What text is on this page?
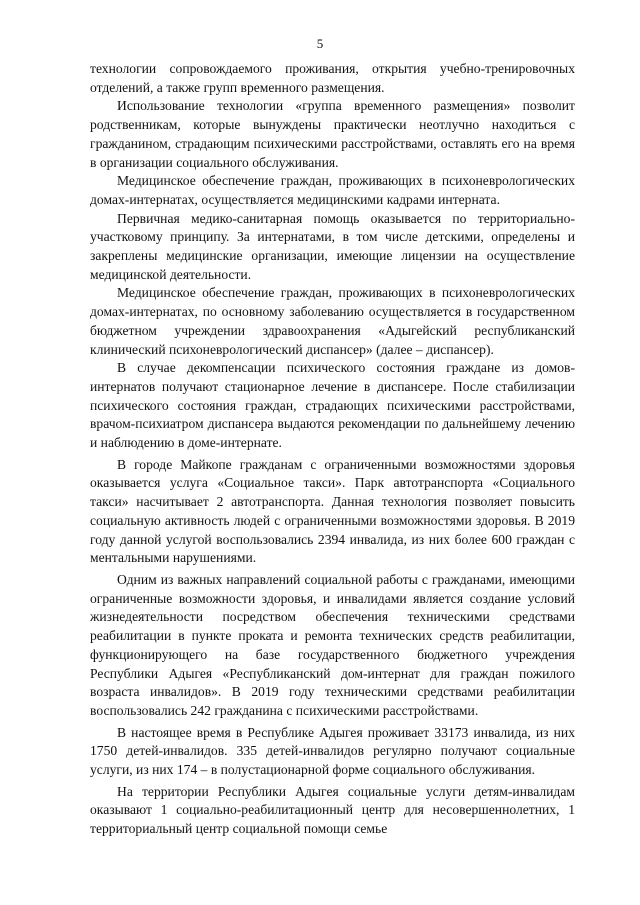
5

технологии сопровождаемого проживания, открытия учебно-тренировочных отделений, а также групп временного размещения.

Использование технологии «группа временного размещения» позволит родственникам, которые вынуждены практически неотлучно находиться с гражданином, страдающим психическими расстройствами, оставлять его на время в организации социального обслуживания.

Медицинское обеспечение граждан, проживающих в психоневрологических домах-интернатах, осуществляется медицинскими кадрами интерната.

Первичная медико-санитарная помощь оказывается по территориально-участковому принципу. За интернатами, в том числе детскими, определены и закреплены медицинские организации, имеющие лицензии на осуществление медицинской деятельности.

Медицинское обеспечение граждан, проживающих в психоневрологических домах-интернатах, по основному заболеванию осуществляется в государственном бюджетном учреждении здравоохранения «Адыгейский республиканский клинический психоневрологический диспансер» (далее – диспансер).

В случае декомпенсации психического состояния граждане из домов-интернатов получают стационарное лечение в диспансере. После стабилизации психического состояния граждан, страдающих психическими расстройствами, врачом-психиатром диспансера выдаются рекомендации по дальнейшему лечению и наблюдению в доме-интернате.

В городе Майкопе гражданам с ограниченными возможностями здоровья оказывается услуга «Социальное такси». Парк автотранспорта «Социального такси» насчитывает 2 автотранспорта. Данная технология позволяет повысить социальную активность людей с ограниченными возможностями здоровья. В 2019 году данной услугой воспользовались 2394 инвалида, из них более 600 граждан с ментальными нарушениями.

Одним из важных направлений социальной работы с гражданами, имеющими ограниченные возможности здоровья, и инвалидами является создание условий жизнедеятельности посредством обеспечения техническими средствами реабилитации в пункте проката и ремонта технических средств реабилитации, функционирующего на базе государственного бюджетного учреждения Республики Адыгея «Республиканский дом-интернат для граждан пожилого возраста инвалидов». В 2019 году техническими средствами реабилитации воспользовались 242 гражданина с психическими расстройствами.

В настоящее время в Республике Адыгея проживает 33173 инвалида, из них 1750 детей-инвалидов. 335 детей-инвалидов регулярно получают социальные услуги, из них 174 – в полустационарной форме социального обслуживания.

На территории Республики Адыгея социальные услуги детям-инвалидам оказывают 1 социально-реабилитационный центр для несовершеннолетних, 1 территориальный центр социальной помощи семье
